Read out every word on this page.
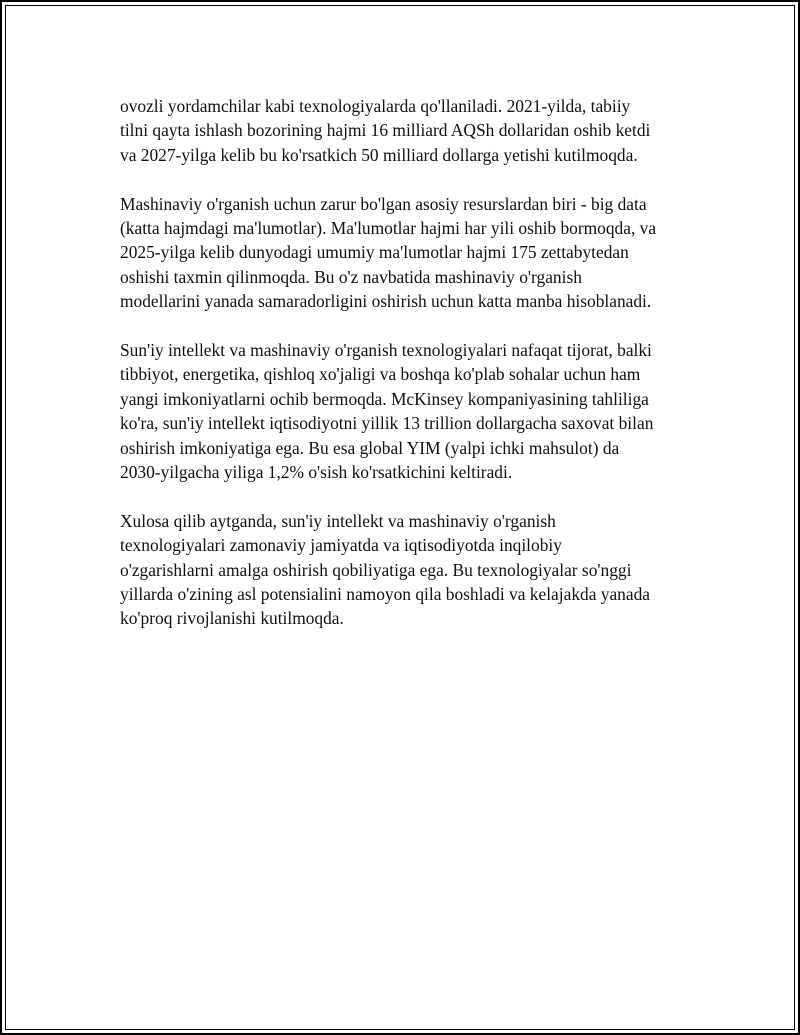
ovozli yordamchilar kabi texnologiyalarda qo'llaniladi. 2021-yilda, tabiiy
tilni qayta ishlash bozorining hajmi 16 milliard AQSh dollaridan oshib ketdi
va 2027-yilga kelib bu ko'rsatkich 50 milliard dollarga yetishi kutilmoqda.
Mashinaviy o'rganish uchun zarur bo'lgan asosiy resurslardan biri - big data
(katta hajmdagi ma'lumotlar). Ma'lumotlar hajmi har yili oshib bormoqda, va
2025-yilga kelib dunyodagi umumiy ma'lumotlar hajmi 175 zettabytedan
oshishi taxmin qilinmoqda. Bu o'z navbatida mashinaviy o'rganish
modellarini yanada samaradorligini oshirish uchun katta manba hisoblanadi.
Sun'iy intellekt va mashinaviy o'rganish texnologiyalari nafaqat tijorat, balki
tibbiyot, energetika, qishloq xo'jaligi va boshqa ko'plab sohalar uchun ham
yangi imkoniyatlarni ochib bermoqda. McKinsey kompaniyasining tahliliga
ko'ra, sun'iy intellekt iqtisodiyotni yillik 13 trillion dollargacha saxovat bilan
oshirish imkoniyatiga ega. Bu esa global YIM (yalpi ichki mahsulot) da
2030-yilgacha yiliga 1,2% o'sish ko'rsatkichini keltiradi.
Xulosa qilib aytganda, sun'iy intellekt va mashinaviy o'rganish
texnologiyalari zamonaviy jamiyatda va iqtisodiyotda inqilobiy
o'zgarishlarni amalga oshirish qobiliyatiga ega. Bu texnologiyalar so'nggi
yillarda o'zining asl potensialini namoyon qila boshladi va kelajakda yanada
ko'proq rivojlanishi kutilmoqda.
